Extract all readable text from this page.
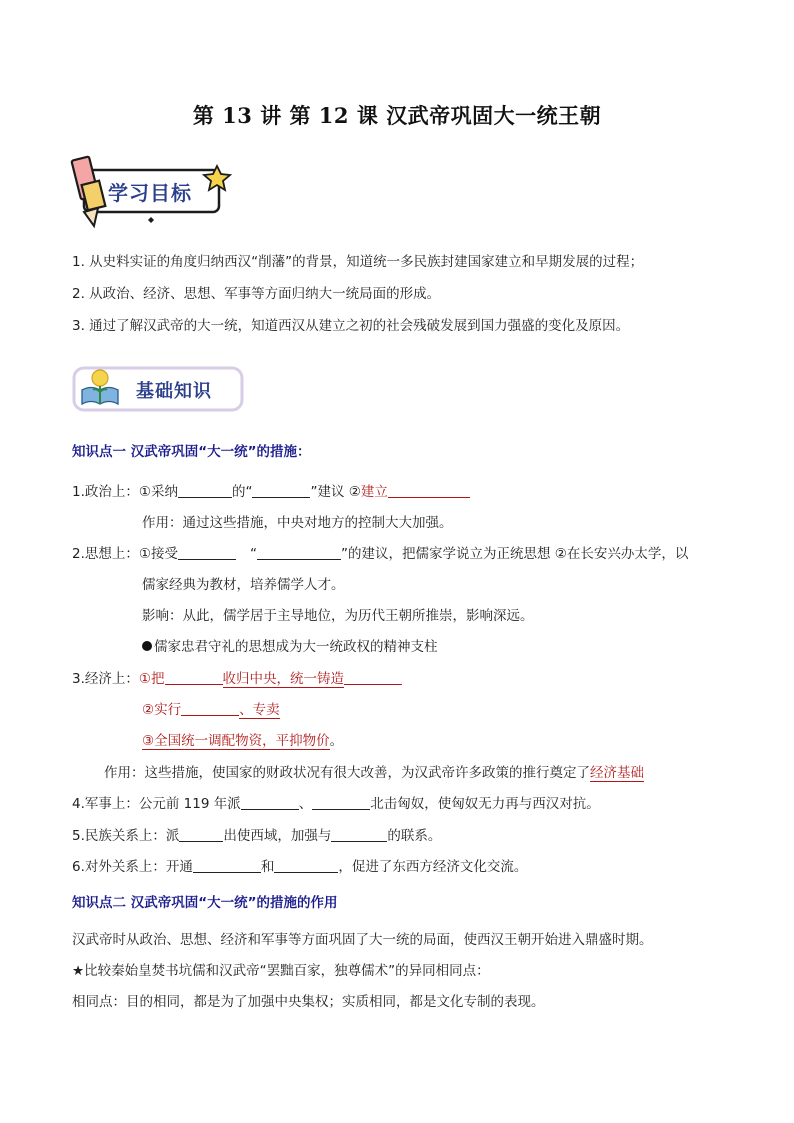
第 13 讲 第 12 课 汉武帝巩固大一统王朝
学习目标
1. 从史料实证的角度归纳西汉“削藩”的背景，知道统一多民族封建国家建立和早期发展的过程；
2. 从政治、经济、思想、军事等方面归纳大一统局面的形成。
3. 通过了解汉武帝的大一统，知道西汉从建立之初的社会残破发展到国力强盛的变化及原因。
基础知识
知识点一 汉武帝巩固“大一统”的措施：
1.政治上：①采纳	的“	”建议 ②建立
作用：通过这些措施，中央对地方的控制大大加强。
2.思想上：①接受	“	”的建议，把儒家学说立为正统思想 ②在长安兴办太学，以
儒家经典为教材，培养儒学人才。
影响：从此，儒学居于主导地位，为历代王朝所推崇，影响深远。
儒家忠君守礼的思想成为大一统政权的精神支柱
3.经济上：①把	收归中央，统一铸造
②实行	、专卖
③全国统一调配物资，平抑物价。
作用：这些措施，使国家的财政状况有很大改善，为汉武帝许多政策的推行奠定了经济基础
4.军事上：公元前 119 年派	、	北击匈奴，使匈奴无力再与西汉对抗。
5.民族关系上：派	出使西域，加强与	的联系。
6.对外关系上：开通	和	，促进了东西方经济文化交流。
知识点二 汉武帝巩固“大一统”的措施的作用
汉武帝时从政治、思想、经济和军事等方面巩固了大一统的局面，使西汉王朝开始进入鼎盛时期。
★比较秦始皇焚书坑儒和汉武帝“罢黜百家，独尊儒术”的异同相同点：
相同点：目的相同，都是为了加强中央集权；实质相同，都是文化专制的表现。
